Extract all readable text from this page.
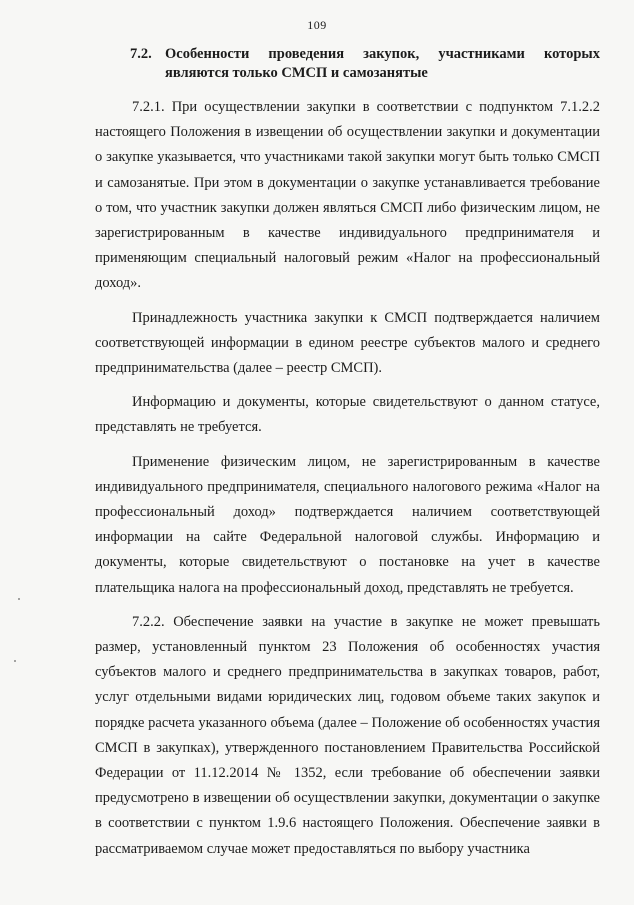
109
7.2. Особенности проведения закупок, участниками которых являются только СМСП и самозанятые

7.2.1. При осуществлении закупки в соответствии с подпунктом 7.1.2.2 настоящего Положения в извещении об осуществлении закупки и документации о закупке указывается, что участниками такой закупки могут быть только СМСП и самозанятые. При этом в документации о закупке устанавливается требование о том, что участник закупки должен являться СМСП либо физическим лицом, не зарегистрированным в качестве индивидуального предпринимателя и применяющим специальный налоговый режим «Налог на профессиональный доход».

Принадлежность участника закупки к СМСП подтверждается наличием соответствующей информации в едином реестре субъектов малого и среднего предпринимательства (далее – реестр СМСП).

Информацию и документы, которые свидетельствуют о данном статусе, представлять не требуется.

Применение физическим лицом, не зарегистрированным в качестве индивидуального предпринимателя, специального налогового режима «Налог на профессиональный доход» подтверждается наличием соответствующей информации на сайте Федеральной налоговой службы. Информацию и документы, которые свидетельствуют о постановке на учет в качестве плательщика налога на профессиональный доход, представлять не требуется.

7.2.2. Обеспечение заявки на участие в закупке не может превышать размер, установленный пунктом 23 Положения об особенностях участия субъектов малого и среднего предпринимательства в закупках товаров, работ, услуг отдельными видами юридических лиц, годовом объеме таких закупок и порядке расчета указанного объема (далее – Положение об особенностях участия СМСП в закупках), утвержденного постановлением Правительства Российской Федерации от 11.12.2014 № 1352, если требование об обеспечении заявки предусмотрено в извещении об осуществлении закупки, документации о закупке в соответствии с пунктом 1.9.6 настоящего Положения. Обеспечение заявки в рассматриваемом случае может предоставляться по выбору участника
